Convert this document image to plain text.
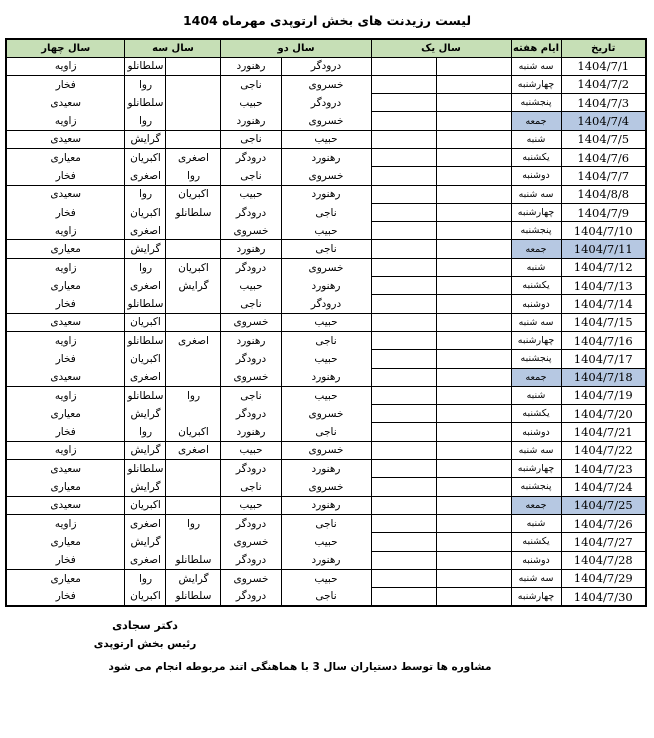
لیست رزیدنت های بخش ارتوپدی مهرماه 1404
تاریخ	ایام هفته	سال یک		سال دو		سال سه		سال چهار
1404/7/1	سه شنبه			درودگر	رهنورد		سلطانلو	زاویه
1404/7/2	چهارشنبه			خسروی	ناجی		روا	فخار
1404/7/3	پنجشنبه			درودگر	حبیب		سلطانلو	سعیدی
1404/7/4	جمعه			خسروی	رهنورد		روا	زاویه
1404/7/5	شنبه			حبیب	ناجی		گرایش	سعیدی
1404/7/6	یکشنبه			رهنورد	درودگر	اصغری	اکبریان	معیاری
1404/7/7	دوشنبه			خسروی	ناجی	روا	اصغری	فخار
1404/8/8	سه شنبه			رهنورد	حبیب	اکبریان	روا	سعیدی
1404/7/9	چهارشنبه			ناجی	درودگر	سلطانلو	اکبریان	فخار
1404/7/10	پنجشنبه			حبیب	خسروی		اصغری	زاویه
1404/7/11	جمعه			ناجی	رهنورد		گرایش	معیاری
1404/7/12	شنبه			خسروی	درودگر	اکبریان	روا	زاویه
1404/7/13	یکشنبه			رهنورد	حبیب	گرایش	اصغری	معیاری
1404/7/14	دوشنبه			درودگر	ناجی		سلطانلو	فخار
1404/7/15	سه شنبه			حبیب	خسروی		اکبریان	سعیدی
1404/7/16	چهارشنبه			ناجی	رهنورد	اصغری	سلطانلو	زاویه
1404/7/17	پنجشنبه			حبیب	درودگر		اکبریان	فخار
1404/7/18	جمعه			رهنورد	خسروی		اصغری	سعیدی
1404/7/19	شنبه			حبیب	ناجی	روا	سلطانلو	زاویه
1404/7/20	یکشنبه			خسروی	درودگر		گرایش	معیاری
1404/7/21	دوشنبه			ناجی	رهنورد	اکبریان	روا	فخار
1404/7/22	سه شنبه			خسروی	حبیب	اصغری	گرایش	زاویه
1404/7/23	چهارشنبه			رهنورد	درودگر		سلطانلو	سعیدی
1404/7/24	پنجشنبه			خسروی	ناجی		گرایش	معیاری
1404/7/25	جمعه			رهنورد	حبیب		اکبریان	سعیدی
1404/7/26	شنبه			ناجی	درودگر	روا	اصغری	زاویه
1404/7/27	یکشنبه			حبیب	خسروی		گرایش	معیاری
1404/7/28	دوشنبه			رهنورد	درودگر	سلطانلو	اصغری	فخار
1404/7/29	سه شنبه			حبیب	خسروی	گرایش	روا	معیاری
1404/7/30	چهارشنبه			ناجی	درودگر	سلطانلو	اکبریان	فخار
دکتر سجادی
رئیس بخش ارتوپدی
مشاوره ها توسط دستیاران سال 3 با هماهنگی اتند مربوطه انجام می شود
